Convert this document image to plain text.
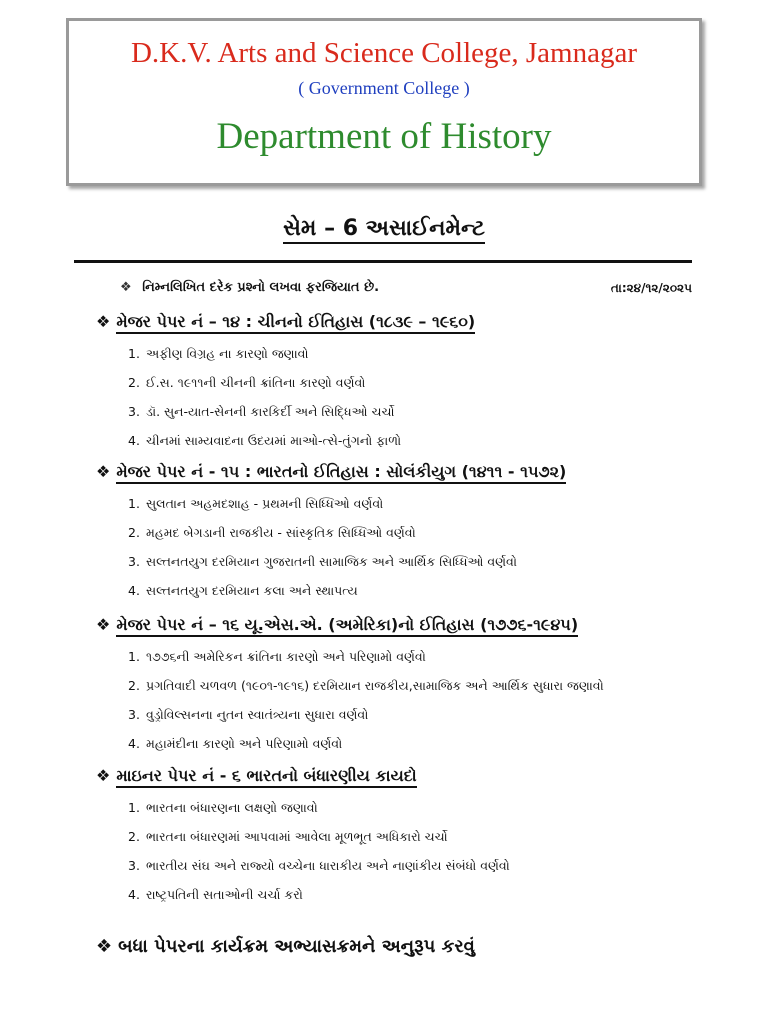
D.K.V. Arts and Science College, Jamnagar
( Government College )
Department of History
સેમ – 6 અસાઈનમેન્ટ
❖ નિમ્નલિખિત દરેક પ્રશ્નો લખવા ફરજિયાત છે.	તા:૨૪/૧૨/૨૦૨૫
❖ મેજર પેપર નં – ૧૪ : ચીનનો ઈતિહાસ (૧૮૩૯ – ૧૯૬૦)
1. અફીણ વિગ્રહ ના કારણો જણાવો
2. ઈ.સ. ૧૯૧૧ની ચીનની ક્રાંતિના કારણો વર્ણવો
3. ડૉ. સુન-યાત-સેનની કારકિર્દી અને સિદ્ધિઓ ચર્ચો
4. ચીનમાં સામ્યવાદના ઉદયમાં માઓ-ત્સે-તુંગનો ફાળો
❖ મેજર પેપર નં - ૧૫ : ભારતનો ઈતિહાસ : સોલંકીયુગ (૧૪૧૧ - ૧૫૭૨)
1. સુલતાન અહમદશાહ - પ્રથમની સિધ્ધિઓ વર્ણવો
2. મહમદ બેગડાની રાજકીય - સાંસ્કૃતિક સિધ્ધિઓ વર્ણવો
3. સલ્તનતયુગ દરમિયાન ગુજરાતની સામાજિક અને આર્થિક સિધ્ધિઓ વર્ણવો
4. સલ્તનતયુગ દરમિયાન કલા અને સ્થાપત્ય
❖ મેજર પેપર નં – ૧૬ યૂ.એસ.એ. (અમેરિકા)નો ઈતિહાસ (૧૭૭૬-૧૯૪૫)
1. ૧૭૭૬ની અમેરિકન ક્રાંતિના કારણો અને પરિણામો વર્ણવો
2. પ્રગતિવાદી ચળવળ (૧૯૦૧-૧૯૧૬) દરમિયાન રાજકીય,સામાજિક અને આર્થિક સુધારા જણાવો
3. વુડ્રોવિલ્સનના નુતન સ્વાતંત્ર્યના સુધારા વર્ણવો
4. મહામંદીના કારણો અને પરિણામો વર્ણવો
❖ માઇનર પેપર નં - ૬ ભારતનો બંધારણીય કાયદો
1. ભારતના બંધારણના લક્ષણો જણાવો
2. ભારતના બંધારણમાં આપવામાં આવેલા મૂળભૂત અધિકારો ચર્ચો
3. ભારતીય સંઘ અને રાજ્યો વચ્ચેના ધારાકીય અને નાણાંકીય સંબંધો વર્ણવો
4. રાષ્ટ્રપતિની સતાઓની ચર્ચા કરો
❖ બધા પેપરના કાર્યક્રમ અભ્યાસક્રમને અનુરૂપ કરવું
